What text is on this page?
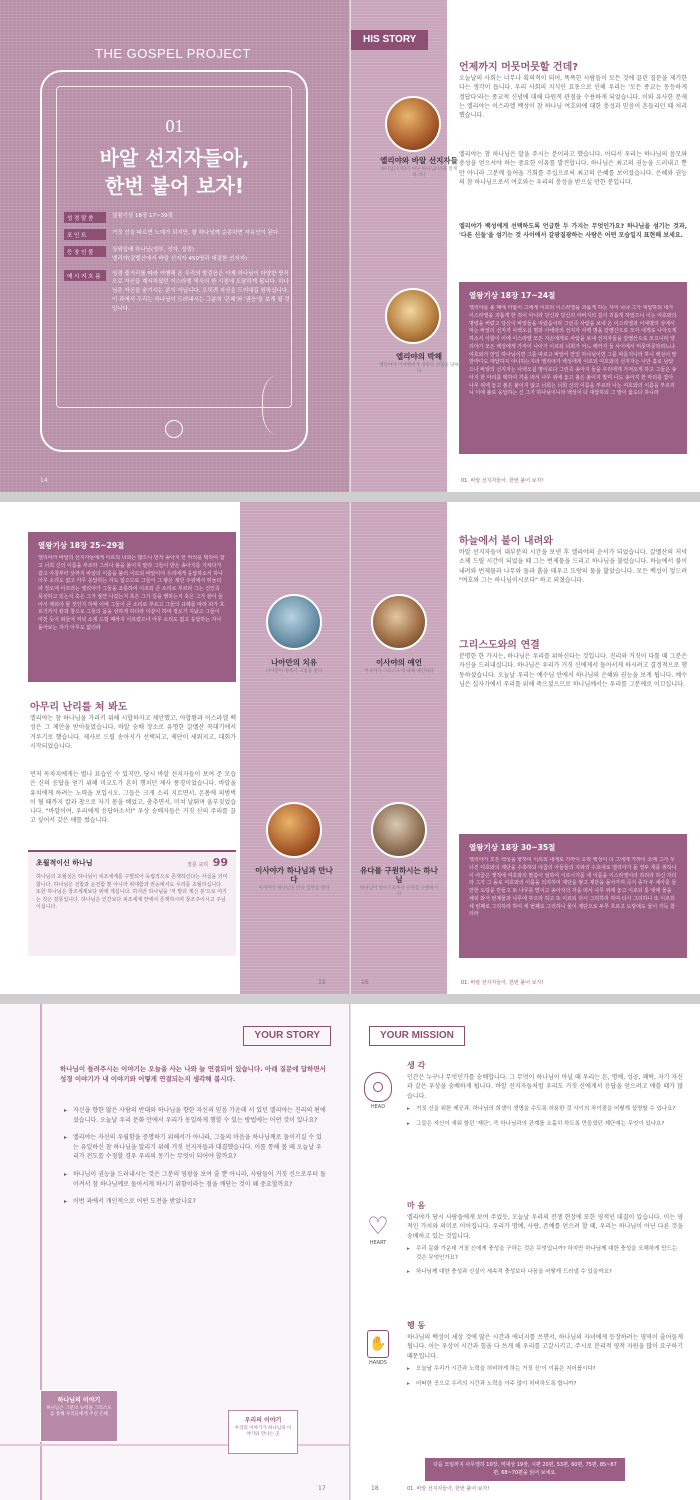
THE GOSPEL PROJECT
01
바알 선지자들아,
한번 붙어 보자!
성 경 말 씀	열왕기상 18장 17~39절
포 인 트	거짓 신을 따르면 노예가 되지만, 참 하나님께 순종하면 자유인이 된다.
등 장 인 물	상위입배 하나님(성부, 성자, 성령)
엘리야(갈멜산에서 바알 선지자 450명과 대결한 선지자)
메 시 지 흐 름	성경 줄거리를 따라 여행해 온 우리의 발걸음은 이제 하나님이 다양한 방식으로 자신을 계시하셨던 이스라엘 역사의 한 시점에 도달하게 됩니다. 하나님은 자신을 숨기시는 분이 아닙니다. 오히려 자신을 드러내길 원하십니다. 이 과에서 우리는 하나님이 드러내시는 그분의 '은혜'와 '권능'을 보게 될 것입니다.
14
HIS STORY
엘리야와 바알 선지자들
하나님(오직)이 아닌 하나님(신)을 알게 하시다
엘리야의 박해
엘리야가 이세벨에게 생명의 위협을 당하다
언제까지 머뭇머뭇할 건데?
오늘날의 사회는 너무나 획의적이 되어, 똑똑한 사람들이 모든 것에 끌린 질문을 제기한다는 생각이 듭니다. 우리 사회의 지식인 요동으로 인해 우리는 '모든 종교는 동등하게 정답다'라는 종교적 신념에 대해 다원적 관점을 수용하게 되었습니다. 이와 유사한 문제는 엘리야는 이스라엘 백성이 참 하나님 여호와에 대한 충성과 믿음이 흔들리던 때 처리했습니다.
엘리야는 참 하나님은 말을 주시는 분이라고 했습니다. 어디서 우리는 하나님의 음모와 충성을 얻으셔야 하는 중요한 이유를 발견합니다. 하나님은 최고의 권능을 드러내고 뿐만 아니라 그분께 들어올 기회를 주십으로써 최고의 은혜를 보이셨습니다. 은혜와 권능의 참 하나님으로서 여호와는 우리의 충성을 받으실 만한 분입니다.
엘리야가 백성에게 선택하도록 언급한 두 가지는 무엇인가요? 하나님을 섬기는 것과, '다른 신들'을 섬기는 것 사이에서 갈광질광하는 사람은 어떤 모습일지 표현해 보세요.
열왕기상 18장 17~24절
엘리야를 볼 때에 아합이 그에게 이르되 이스라엘을 괴롭게 하는 자여 너냐 그가 대답하되 내가 이스라엘을 괴롭게 한 것이 아니라 당신과 당신의 아버지의 집이 괴롭게 하였으니 이는 여호와의 명령을 버렸고 당신이 바알들을 따랐음이라 그런즉 사람을 보내 온 이스라엘과 이세벨의 상에서 먹는 바알의 선지자 사백오십 명과 아세라의 선지자 사백 명을 갈멜산으로 모아 내게로 나아오게 하소서 아합이 이에 이스라엘 모든 자손에게로 사람을 보내 선지자들을 갈멜산으로 모으니라 엘리야가 모든 백성에게 가까이 나아가 이르되 너희가 어느 때까지 둘 사이에서 머뭇머뭇하려느냐 여호와가 만일 하나님이면 그를 따르고 바알이 만일 하나님이면 그를 따를지니라 하니 백성이 말 한마디도 대답하지 아니하는지라 엘리야가 백성에게 이르되 여호와의 선지자는 나만 홀로 남았으나 바알의 선지자는 사백오십 명이로다 그런즉 송아지 둘을 우리에게 가져오게 하고 그들은 송아지 한 마리를 택하여 각을 떠서 나무 위에 놓고 불은 붙이지 말며 나도 송아지 한 마리를 잡아 나무 위에 놓고 불은 붙이지 않고 너희는 너희 신의 이름을 부르라 나는 여호와의 이름을 부르리니 이에 불로 응답하는 신 그가 하나님이니라 백성이 다 대답하되 그 말이 옳도다 하니라
01. 바알 선지자들아, 한번 붙어 보자!
열왕기상 18장 25~29절
엘리야가 바알의 선지자들에게 이르되 너희는 많으니 먼저 송아지 한 마리를 택하여 잡고 너희 신의 이름을 부르라 그러나 불을 붙이지 말라 그들이 받은 송아지를 가져다가 잡고 아침부터 낮까지 바알의 이름을 불러 이르되 바알이여 우리에게 응답하소서 하나 아무 소리도 없고 아무 응답하는 자도 없으므로 그들이 그 쌓은 제단 주위에서 뛰놀더라 정오에 이르러는 엘리야가 그들을 조롱하여 이르되 큰 소리로 부르라 그는 신인즉 묵상하고 있는지 혹은 그가 잠깐 나갔는지 혹은 그가 길을 행하는지 혹은 그가 잠이 들어서 깨워야 할 것인지 하매 이에 그들이 큰 소리로 부르고 그들의 규례를 따라 피가 흐르기까지 칼과 창으로 그들의 몸을 상하게 하더라 이같이 하여 정오가 지났고 그들이 미친 듯이 떠들어 저녁 소제 드릴 때까지 이르렀으나 아무 소리도 없고 응답하는 자나 돌아보는 자가 아무도 없더라
나아만의 치유
나아만이 병에서 고침을 받다
이사야가 하나님과 만나다
이사야가 하나님을 만나 임무를 받다
아무리 난리를 쳐 봐도
엘리야는 참 하나님을 가리키 위해 시합하자고 제안했고, 아합왕과 이스라엘 백성은 그 제안을 받아들였습니다. 바알 숭배 장소로 유명한 갈멜산 꼭대기에서 겨루기로 했습니다. 제사로 드릴 송아지가 선택되고, 제단이 세워지고, 대회가 시작되었습니다.
먼저 독차지에게는 별나 묘습인 수 있지만, 당시 바알 선지자들이 보여 준 모습은 신의 응답을 얻기 위해 미교도가 흔히 행치던 제사 풍경이었습니다. 바알을 유치에게 하려는 노력을 보입시오. 그들은 크게 소리 지르면서, 온몸에 피범벅이 될 때까지 칼과 창으로 자기 몸을 베었고, 춤추면서, 미쳐 날뛰며 울부짖었습니다. "바알이여, 우리에게 응답하소서!" 우상 숭배자들은 거짓 신의 주의를 끌고 싶어서 갖은 애를 썼습니다.
초월적이신 하나님	질문 교리 99
하나님의 초월성은 하나님이 피조세계를 구별되어 독립적으로 존재하신다는 사실을 의미합니다. 하나님은 선함과 순전함 뿐 아니라 위대함과 권능에서도 우리를 초월하십니다. 또한 하나님은 창조세계보다 위에 계십니다. 하지만 하나님을 '저 멀리 계신 분'으로 여기는 것은 잘못입니다. 하나님은 인간보다 피조세계 안에서 존재하시며 창조주이시고 주님이십니다.
15
이사야의 예언
이사야가 그리스도에 대해 예언하다
유다를 구원하시는 하나님
하나님이 앗수르로부터 유다를 구원하시다
하늘에서 불이 내려와
바알 선지자들이 대부분의 시간을 보낸 후 엘리야의 순서가 되었습니다. 갈멜산의 저녁 소제 드릴 시간이 되었을 때 그는 번제물을 드리고 하나님을 불렀습니다. 하늘에서 불이 내려와 번제물과 나무와 돌과 흙을 태우고 도랑의 물을 핥았습니다. 모든 백성이 엎드려 "여호와 그는 하나님이시로다" 하고 외쳤습니다.
그리스도와의 연결
분명한 한 가지는, 하나님은 우리를 위하신다는 것입니다. 진리와 거짓이 다툴 때 그분은 자신을 드러내십니다. 하나님은 우리가 거짓 신에게서 돌아서게 하시려고 결정적으로 행동하셨습니다. 오늘날 우리는 예수님 안에서 하나님의 은혜와 권능을 보게 됩니다. 예수님은 십자가에서 우리를 위해 죽으셨으므로 하나님께서는 우리를 그분께로 이끄십니다.
열왕기상 18장 30~35절
엘리야가 모든 백성을 향하여 이르되 내게로 가까이 오라 백성이 다 그에게 가까이 오매 그가 무너진 여호와의 제단을 수축하되 야곱의 아들들의 지파의 수효대로 엘리야가 돌 열두 개를 취하니 이 야곱은 옛적에 여호와의 말씀이 임하여 이르시기를 네 이름을 이스라엘이라 하리라 하신 자더라 그가 그 돌로 여호와의 이름을 의지하여 제단을 쌓고 제단을 돌아가며 곡식 종자 두 세아를 둘 만한 도랑을 만들고 또 나무를 벌이고 송아지의 각을 떠서 나무 위에 놓고 이르되 통 넷에 물을 채워 와서 번제물과 나무에 부으라 하고 또 이르되 다시 그리하라 하여 다시 그리하니 또 이르되 세 번째로 그리하라 하여 세 번째로 그리하니 물이 제단으로 두루 흐르고 도랑에도 물이 가득 찼더라
16	01. 바알 선지자들아, 한번 붙어 보자!
YOUR STORY
하나님이 들려주시는 이야기는 오늘을 사는 나와 늘 연결되어 있습니다. 아래 질문에 답하면서 성경 이야기가 내 이야기와 어떻게 연결되는지 생각해 봅시다.
▸ 자신을 향한 많은 사람의 반대와 하나님을 향한 자신의 믿음 가운데 서 있던 엘리야는 진리의 편에 섰습니다. 오늘날 우리 문화 안에서 우리가 동일하게 행할 수 있는 방법에는 어떤 것이 있나요?
▸ 엘리야는 자신의 우월함을 증명하기 위해서가 아니라, 그들의 마음을 하나님께로 돌이키실 수 있는 유일하신 참 하나님을 알리기 위해 거짓 선지자들과 대결했습니다. 이를 통해 볼 때 오늘날 우리가 전도를 수정할 경우 우리의 동기는 무엇이 되어야 할까요?
▸ 하나님이 권능을 드러내시는 것은 그분의 영광을 보여 줄 뿐 아니라, 사람들이 거짓 신으로부터 돌이켜서 참 하나님께로 돌아서게 하시기 위함이라는 점을 깨닫는 것이 왜 중요할까요?
▸ 이번 과에서 개인적으로 어떤 도전을 받았나요?
하나님의 이야기
하나님은 그분의 능력을 그리스도를 통해 우리들에게 주신 은혜
우리의 이야기
우리의 이야기가 하나님의 이야기와 만나는 곳
17
YOUR MISSION
HEAD
생 각
인간은 누구나 무엇인가를 숭배합니다. 그 무엇이 하나님이 아닐 때 우리는 돈, 명예, 성공, 쾌락, 자기 자신과 같은 우상을 숭배하게 됩니다. 바알 선지자들처럼 우리도 거짓 신에게서 응답을 얻으려고 애쓸 때가 많습니다.
▸ 거짓 신을 위한 제공과, 하나님의 희생이 생명을 수도록 허용한 것 사이의 차이점을 어떻게 설명할 수 있나요?
▸ 그들은 자신이 새워 함던 '제단', 즉 하나님과의 관계를 소홀히 하도록 만들었던 제단에는 무엇이 있나요?
♡
HEART
마 음
엘리야가 당시 사람들에게 보여 주었듯, 오늘날 우리의 전쟁 현장에 또한 영적인 대결이 있습니다. 이는 영적인 가치와 의미로 이어집니다. 우리가 명예, 사랑, 존예를 얻으려 할 때, 우리는 하나님이 아닌 다른 것을 숭배하고 있는 것입니다.
▸ 우리 문화 가운데 거짓 신에게 충성을 구하는 것은 무엇입니까? 하지만 하나님께 대한 충성을 오해하게 만드는 것은 무엇인가요?
▸ 하나님께 대한 충성과 신실이 세속적 충성보다 나음을 어떻게 드러낼 수 있을까요?
✋
HANDS
행 동
하나님의 백성이 세상 것에 많은 시간과 에너지를 쓰면서, 하나님의 자녀에게 등장하려는 영역이 줄어들게 됩니다. 이는 우상이 시간과 힘을 다 쓰게 해 우리를 고갈시키고, 주시로 분리적 영적 자원을 많이 요구하기 때문입니다.
▸ 오늘날 우리가 시간과 노력을 허비하게 하는 거짓 신'이 이름은 지어봅시다?
▸ 어떠한 곳으로 우리의 시간과 노력을 아주 많이 허비하도록 합니까?
다음 모임까지 사무엘하 10장, 역대상 19장, 시편 20편, 53편, 60편, 75편, 85~87편, 68~70편을 읽어 보세요.
18	01. 바알 선지자들아, 한번 붙어 보자!
